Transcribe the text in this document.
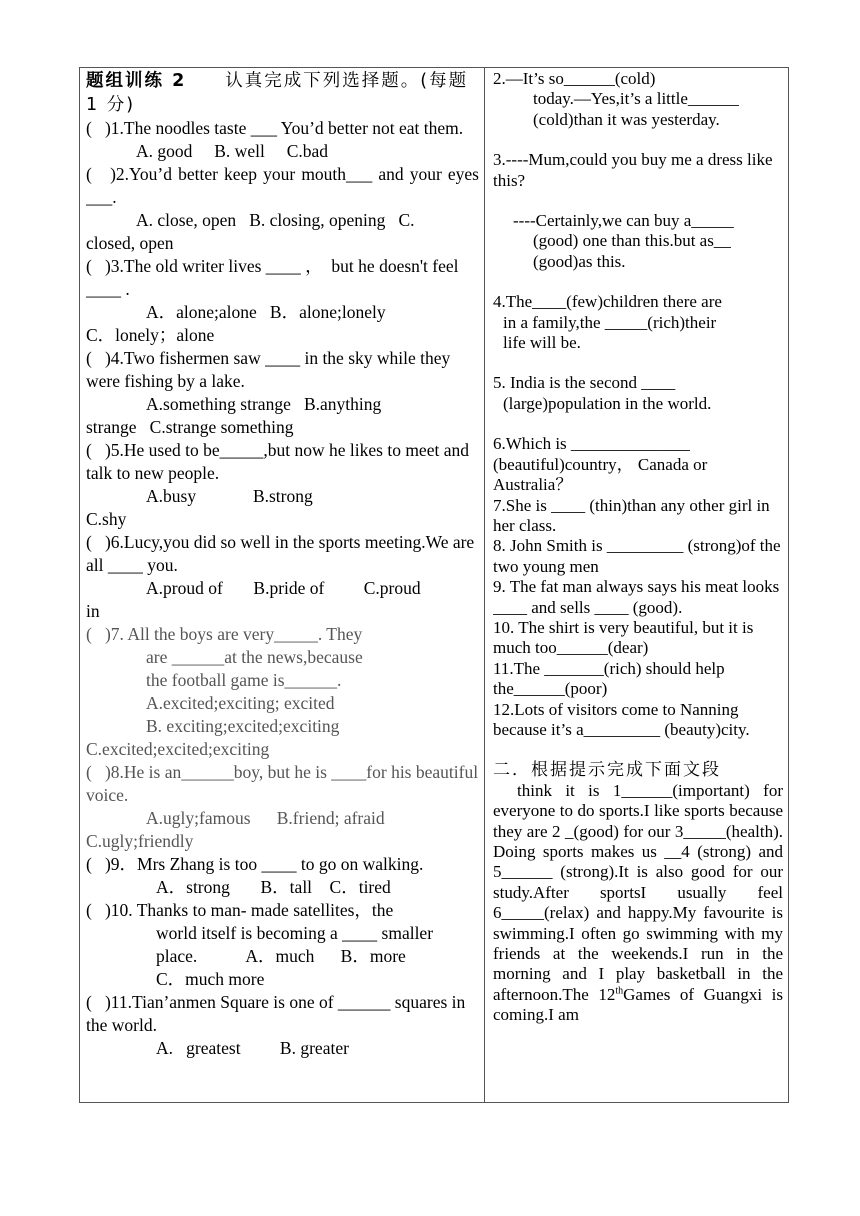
题组训练 2　　认真完成下列选择题。(每题 1 分)

(   )1.The noodles taste ___ You’d better not eat them.

A. good     B. well     C.bad

(   )2.You’d better keep your mouth___ and your eyes ___.

A. close, open   B. closing, opening   C.

closed, open

(   )3.The old writer lives ____ ，  but he doesn't feel ____ .

A．alone;alone   B．alone;lonely

C．lonely；alone

(   )4.Two fishermen saw ____ in the sky while they were fishing by a lake.

A.something strange   B.anything

strange   C.strange something

(   )5.He used to be_____,but now he likes to meet and talk to new people.

A.busy             B.strong

C.shy

(   )6.Lucy,you did so well in the sports meeting.We are all ____ you.

A.proud of       B.pride of         C.proud

in

(   )7. All the boys are very_____. They

are ______at the news,because

the football game is______.

A.excited;exciting; excited

B. exciting;excited;exciting

C.excited;excited;exciting

(   )8.He is an______boy, but he is ____for his beautiful voice.

A.ugly;famous      B.friend; afraid

C.ugly;friendly

(   )9．Mrs Zhang is too ____ to go on walking.

A．strong       B．tall    C．tired

(   )10. Thanks to man- made satellites，the

world itself is becoming a ____ smaller

place.           A．much      B．more

C．much more

(   )11.Tian’anmen Square is one of ______ squares in the world.

A.   greatest         B. greater

2.—It’s so______(cold)

today.—Yes,it’s a little______

(cold)than it was yesterday.

3.----Mum,could you buy me a dress like this?

----Certainly,we can buy a_____

(good) one than this.but as__

(good)as this.

4.The____(few)children there are

in a family,the _____(rich)their

life will be.

5. India is the second ____

(large)population in the world.

6.Which is ______________ (beautiful)country， Canada or Australia？

7.She is ____ (thin)than any other girl in her class.

8. John Smith is _________ (strong)of the two young men

9. The fat man always says his meat looks ____ and sells ____ (good).

10. The shirt is very beautiful, but it is much too______(dear)

11.The _______(rich) should help the______(poor)

12.Lots of visitors come to Nanning because it’s a_________ (beauty)city.

二．根据提示完成下面文段

think it is 1______(important) for everyone to do sports.I like sports because they are 2 _(good) for our 3_____(health). Doing sports makes us __4 (strong) and 5______ (strong).It is also good for our study.After sportsI usually feel 6_____(relax) and happy.My favourite is swimming.I often go swimming with my friends at the weekends.I run in the morning and I play basketball in the afternoon.The 12thGames of Guangxi is coming.I am
